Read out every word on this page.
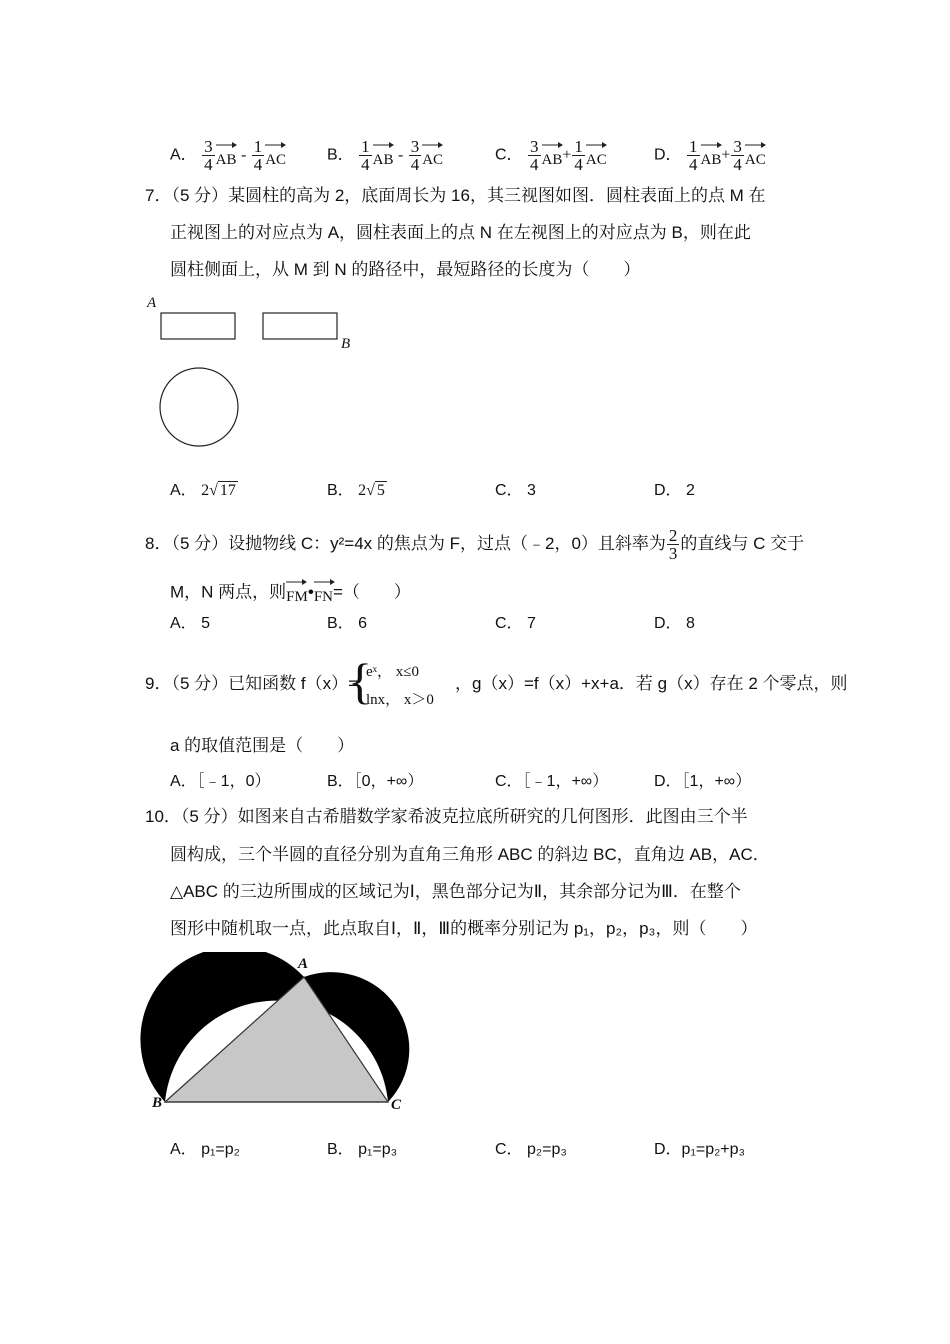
A． $\frac{3}{4}$ AB - $\frac{1}{4}$ AC	B． $\frac{1}{4}$ AB - $\frac{3}{4}$ AC	C． $\frac{3}{4} AB+ \frac{1}{4}$ AC	D． $\frac{1}{4} AB+ \frac{3}{4}$ AC
7．（5 分）某圆柱的高为 2，底面周长为 16，其三视图如图．圆柱表面上的点 M 在
正视图上的对应点为 A，圆柱表面上的点 N 在左视图上的对应点为 B，则在此
圆柱侧面上，从 M 到 N 的路径中，最短路径的长度为（　　）
A
B
A． 2√ 17	B． 2√ 5	C． 3	D． 2
8．（5 分）设抛物线 C：y²=4x 的焦点为 F，过点（﹣2，0）且斜率为 $\frac{2}{3}$ 的直线与 C 交于
M，N 两点，则
FM•
FN=（　　）
A． 5	B． 6	C． 7	D． 8
9．（5 分）已知函数 f（x）=
{
eˣ， x≤0
lnx， x＞0
，g（x）=f（x）+x+a．若 g（x）存在 2 个零点，则
a 的取值范围是（　　）
A．［﹣1，0）	B．［0，+∞）	C．［﹣1，+∞）	D．［1，+∞）
10．（5 分）如图来自古希腊数学家希波克拉底所研究的几何图形．此图由三个半
圆构成，三个半圆的直径分别为直角三角形 ABC 的斜边 BC，直角边 AB，AC．
△ABC 的三边所围成的区域记为Ⅰ，黑色部分记为Ⅱ，其余部分记为Ⅲ．在整个
图形中随机取一点，此点取自Ⅰ，Ⅱ，Ⅲ的概率分别记为 p₁，p₂，p₃，则（　　）
A
B	C
A． p₁=p₂	B． p₁=p₃	C． p₂=p₃	D．p₁=p₂+p₃
